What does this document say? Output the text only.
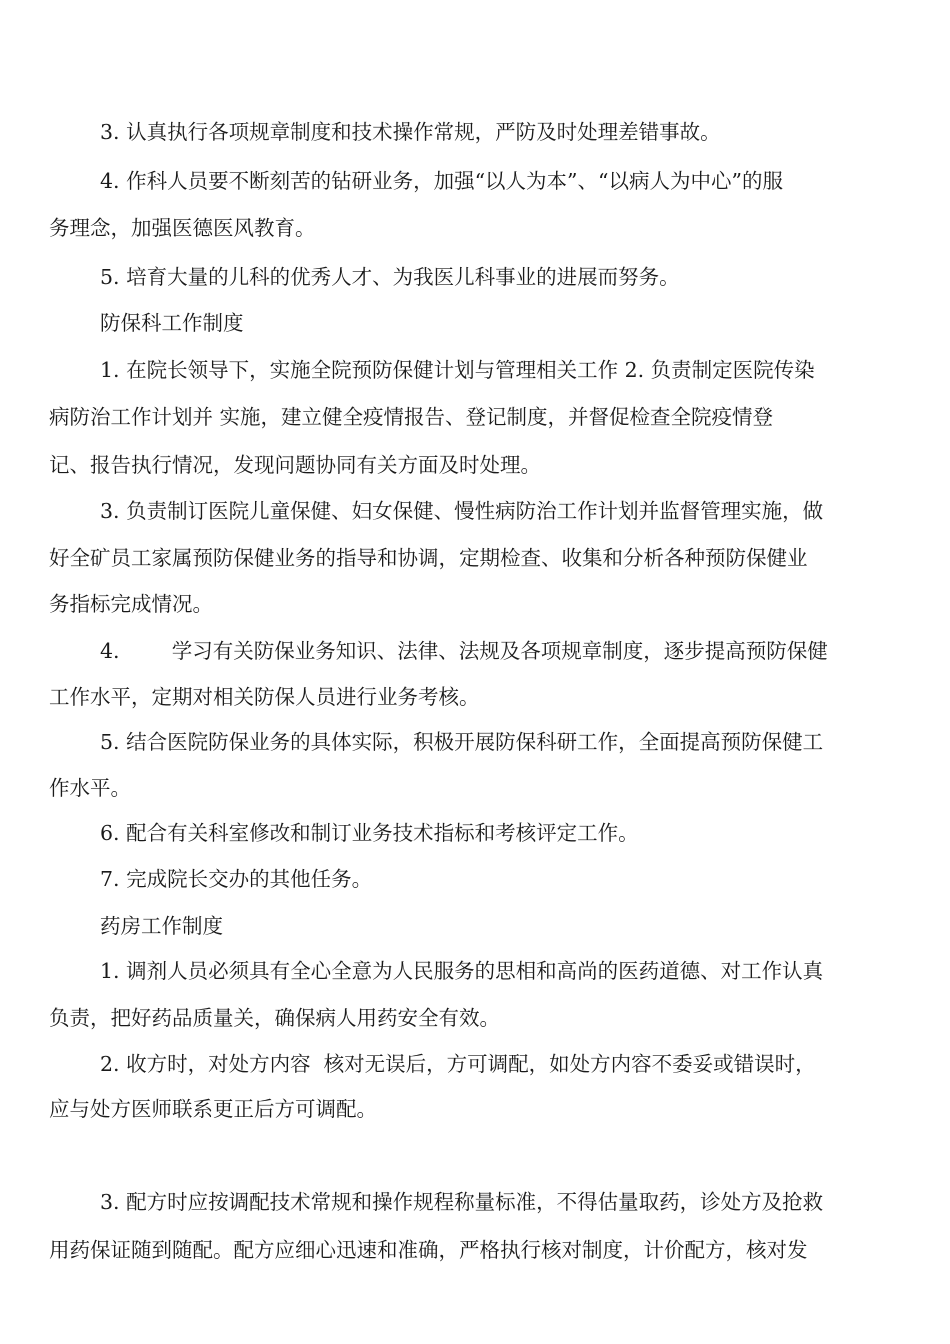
3. 认真执行各项规章制度和技术操作常规，严防及时处理差错事故。
4. 作科人员要不断刻苦的钻研业务，加强“以人为本”、“以病人为中心”的服
务理念，加强医德医风教育。
5. 培育大量的儿科的优秀人才、为我医儿科事业的进展而努务。
防保科工作制度
1. 在院长领导下，实施全院预防保健计划与管理相关工作 2. 负责制定医院传染
病防治工作计划并 实施，建立健全疫情报告、登记制度，并督促检查全院疫情登
记、报告执行情况，发现问题协同有关方面及时处理。
3. 负责制订医院儿童保健、妇女保健、慢性病防治工作计划并监督管理实施，做
好全矿员工家属预防保健业务的指导和协调，定期检查、收集和分析各种预防保健业
务指标完成情况。
4.        学习有关防保业务知识、法律、法规及各项规章制度，逐步提高预防保健
工作水平，定期对相关防保人员进行业务考核。
5. 结合医院防保业务的具体实际，积极开展防保科研工作，全面提高预防保健工
作水平。
6. 配合有关科室修改和制订业务技术指标和考核评定工作。
7. 完成院长交办的其他任务。
药房工作制度
1. 调剂人员必须具有全心全意为人民服务的思相和高尚的医药道德、对工作认真
负责，把好药品质量关，确保病人用药安全有效。
2. 收方时，对处方内容  核对无误后，方可调配，如处方内容不委妥或错误时，
应与处方医师联系更正后方可调配。
3. 配方时应按调配技术常规和操作规程称量标准，不得估量取药，诊处方及抢救
用药保证随到随配。配方应细心迅速和准确，严格执行核对制度，计价配方，核对发
